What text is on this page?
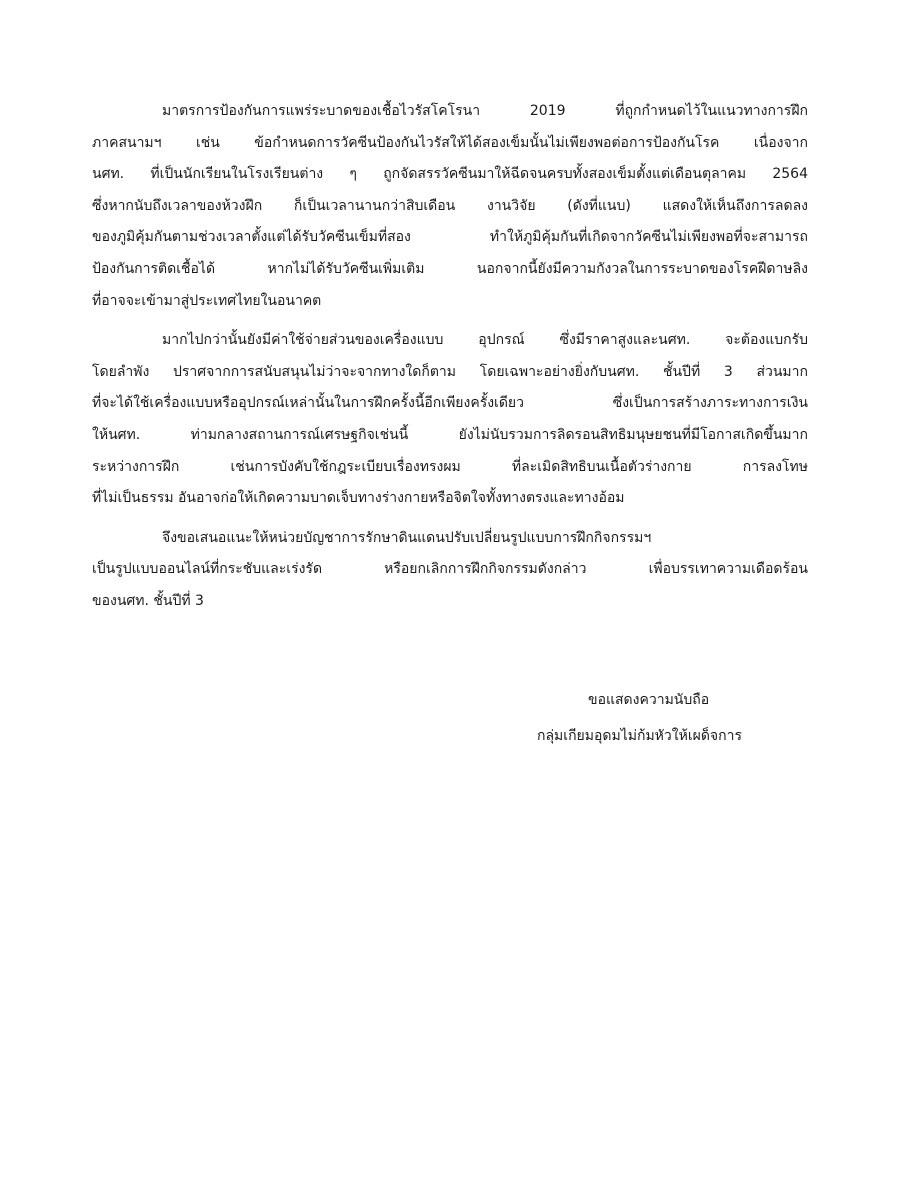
มาตรการป้องกันการแพร่ระบาดของเชื้อไวรัสโคโรนา 2019 ที่ถูกกำหนดไว้ในแนวทางการฝึก
ภาคสนามฯ เช่น ข้อกำหนดการวัคซีนป้องกันไวรัสให้ได้สองเข็มนั้นไม่เพียงพอต่อการป้องกันโรค เนื่องจาก
นศท. ที่เป็นนักเรียนในโรงเรียนต่าง ๆ ถูกจัดสรรวัคซีนมาให้ฉีดจนครบทั้งสองเข็มตั้งแต่เดือนตุลาคม 2564
ซึ่งหากนับถึงเวลาของห้วงฝึก ก็เป็นเวลานานกว่าสิบเดือน งานวิจัย (ดังที่แนบ) แสดงให้เห็นถึงการลดลง
ของภูมิคุ้มกันตามช่วงเวลาตั้งแต่ได้รับวัคซีนเข็มที่สอง ทำให้ภูมิคุ้มกันที่เกิดจากวัคซีนไม่เพียงพอที่จะสามารถ
ป้องกันการติดเชื้อได้ หากไม่ได้รับวัคซีนเพิ่มเติม นอกจากนี้ยังมีความกังวลในการระบาดของโรคฝีดาษลิง
ที่อาจจะเข้ามาสู่ประเทศไทยในอนาคต
มากไปกว่านั้นยังมีค่าใช้จ่ายส่วนของเครื่องแบบ อุปกรณ์ ซึ่งมีราคาสูงและนศท. จะต้องแบกรับ
โดยลำพัง ปราศจากการสนับสนุนไม่ว่าจะจากทางใดก็ตาม โดยเฉพาะอย่างยิ่งกับนศท. ชั้นปีที่ 3 ส่วนมาก
ที่จะได้ใช้เครื่องแบบหรืออุปกรณ์เหล่านั้นในการฝึกครั้งนี้อีกเพียงครั้งเดียว ซึ่งเป็นการสร้างภาระทางการเงิน
ให้นศท. ท่ามกลางสถานการณ์เศรษฐกิจเช่นนี้ ยังไม่นับรวมการลิดรอนสิทธิมนุษยชนที่มีโอกาสเกิดขึ้นมาก
ระหว่างการฝึก เช่นการบังคับใช้กฎระเบียบเรื่องทรงผม ที่ละเมิดสิทธิบนเนื้อตัวร่างกาย การลงโทษ
ที่ไม่เป็นธรรม อันอาจก่อให้เกิดความบาดเจ็บทางร่างกายหรือจิตใจทั้งทางตรงและทางอ้อม
จึงขอเสนอแนะให้หน่วยบัญชาการรักษาดินแดนปรับเปลี่ยนรูปแบบการฝึกกิจกรรมฯ
เป็นรูปแบบออนไลน์ที่กระชับและเร่งรัด หรือยกเลิกการฝึกกิจกรรมดังกล่าว เพื่อบรรเทาความเดือดร้อน
ของนศท. ชั้นปีที่ 3
ขอแสดงความนับถือ
กลุ่มเกียมอุดมไม่ก้มหัวให้เผด็จการ
